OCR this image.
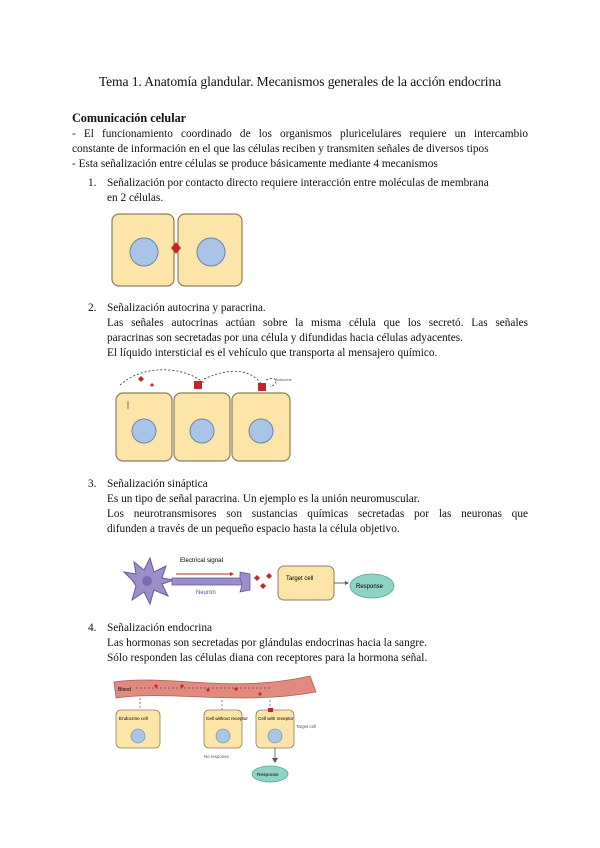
Tema 1. Anatomía glandular. Mecanismos generales de la acción endocrina
Comunicación celular
- El funcionamiento coordinado de los organismos pluricelulares requiere un intercambio
constante de información en el que las células reciben y transmiten señales de diversos tipos
- Esta señalización entre células se produce básicamente mediante 4 mecanismos
1. Señalización por contacto directo requiere interacción entre moléculas de membrana
en 2 células.
2. Señalización autocrina y paracrina.
Las señales autocrinas actúan sobre la misma célula que los secretó. Las señales
paracrinas son secretadas por una célula y difundidas hacia células adyacentes.
El líquido intersticial es el vehículo que transporta al mensajero químico.
Autocrine
3. Señalización sináptica
Es un tipo de señal paracrina. Un ejemplo es la unión neuromuscular.
Los neurotransmisores son sustancias químicas secretadas por las neuronas que
difunden a través de un pequeño espacio hasta la célula objetivo.
Electrical signal
Neuron
Target cell
Response
4. Señalización endocrina
Las hormonas son secretadas por glándulas endocrinas hacia la sangre.
Sólo responden las células diana con receptores para la hormona señal.
Blood
Endocrine cell	Cell without receptor
No response
Cell with receptor
Target cell
Response
